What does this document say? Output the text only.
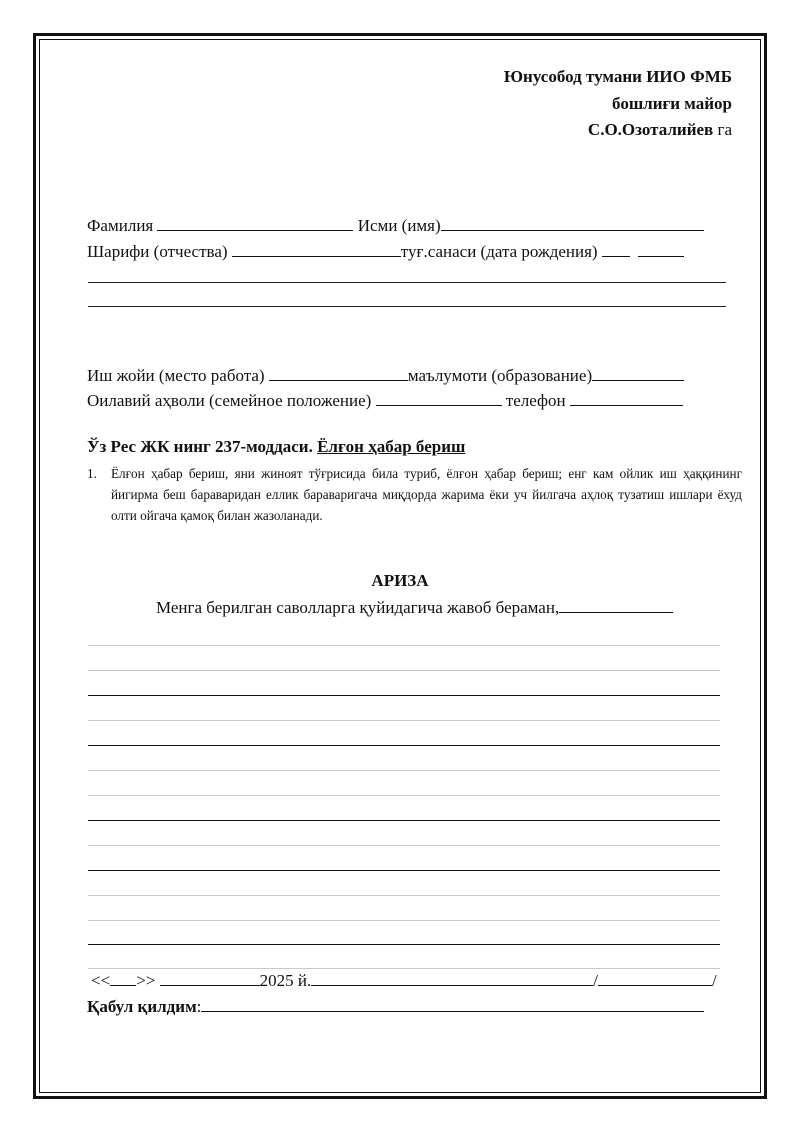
Юнусобод тумани ИИО ФМБ
бошлиғи майор
С.О.Озоталийев га
Фамилия	Исми (имя)
Шарифи (отчества)	туғ.санаси (дата рождения)
Иш жойи (место работа)	маълумоти (образование)
Оилавий аҳволи (семейное положение)	телефон
Ўз Рес ЖК нинг 237-моддаси. Ёлғон ҳабар бериш
1. Ёлғон ҳабар бериш, яни жиноят тўғрисида била туриб, ёлғон ҳабар бериш; енг кам ойлик иш ҳаққининг йигирма беш бараваридан еллик бараваригача миқдорда жарима ёки уч йилгача аҳлоқ тузатиш ишлари ёхуд олти ойгача қамоқ билан жазоланади.
АРИЗА
Менга берилган саволларга қуйидагича жавоб бераман,
<< >>	2025 й.	/	/
Қабул қилдим:
